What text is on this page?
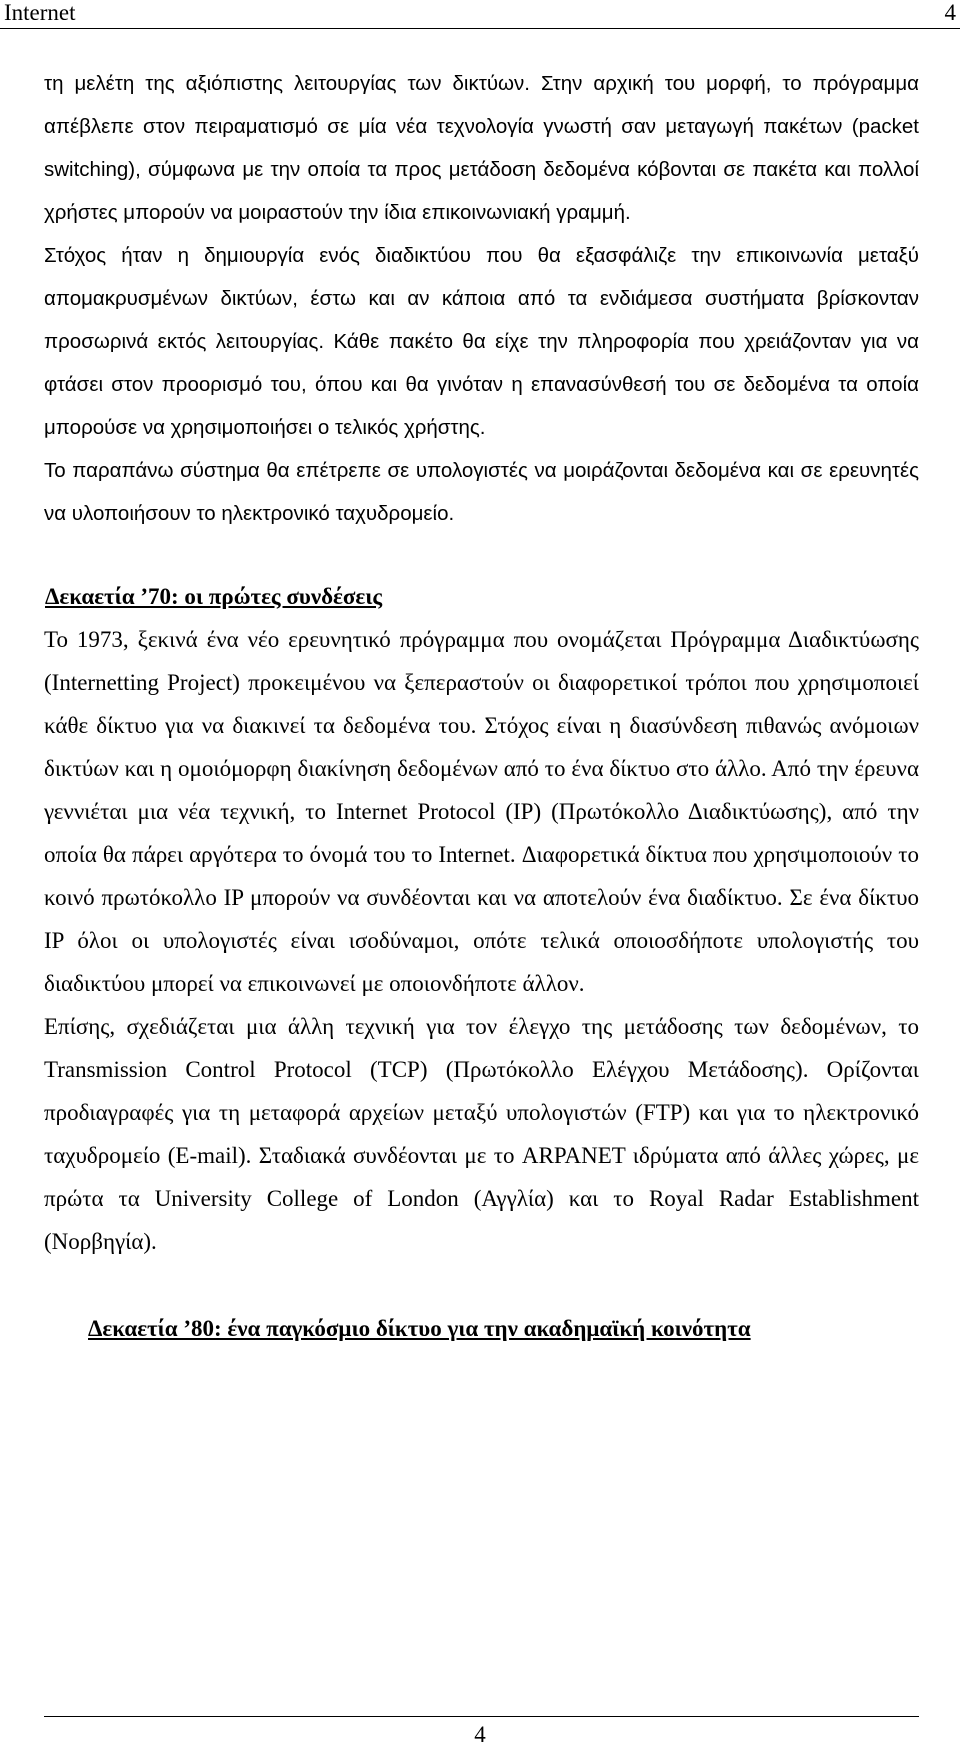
Internet	4

τη μελέτη της αξιόπιστης λειτουργίας των δικτύων. Στην αρχική του μορφή, το πρόγραμμα απέβλεπε στον πειραματισμό σε μία νέα τεχνολογία γνωστή σαν μεταγωγή πακέτων (packet switching), σύμφωνα με την οποία τα προς μετάδοση δεδομένα κόβονται σε πακέτα και πολλοί χρήστες μπορούν να μοιραστούν την ίδια επικοινωνιακή γραμμή.

Στόχος ήταν η δημιουργία ενός διαδικτύου που θα εξασφάλιζε την επικοινωνία μεταξύ απομακρυσμένων δικτύων, έστω και αν κάποια από τα ενδιάμεσα συστήματα βρίσκονταν προσωρινά εκτός λειτουργίας. Κάθε πακέτο θα είχε την πληροφορία που χρειάζονταν για να φτάσει στον προορισμό του, όπου και θα γινόταν η επανασύνθεσή του σε δεδομένα τα οποία μπορούσε να χρησιμοποιήσει ο τελικός χρήστης.

Το παραπάνω σύστημα θα επέτρεπε σε υπολογιστές να μοιράζονται δεδομένα και σε ερευνητές να υλοποιήσουν το ηλεκτρονικό ταχυδρομείο.

Δεκαετία ’70: οι πρώτες συνδέσεις

Το 1973, ξεκινά ένα νέο ερευνητικό πρόγραμμα που ονομάζεται Πρόγραμμα Διαδικτύωσης (Internetting Project) προκειμένου να ξεπεραστούν οι διαφορετικοί τρόποι που χρησιμοποιεί κάθε δίκτυο για να διακινεί τα δεδομένα του. Στόχος είναι η διασύνδεση πιθανώς ανόμοιων δικτύων και η ομοιόμορφη διακίνηση δεδομένων από το ένα δίκτυο στο άλλο. Από την έρευνα γεννιέται μια νέα τεχνική, το Internet Protocol (IP) (Πρωτόκολλο Διαδικτύωσης), από την οποία θα πάρει αργότερα το όνομά του το Internet. Διαφορετικά δίκτυα που χρησιμοποιούν το κοινό πρωτόκολλο IP μπορούν να συνδέονται και να αποτελούν ένα διαδίκτυο. Σε ένα δίκτυο IP όλοι οι υπολογιστές είναι ισοδύναμοι, οπότε τελικά οποιοσδήποτε υπολογιστής του διαδικτύου μπορεί να επικοινωνεί με οποιονδήποτε άλλον.

Επίσης, σχεδιάζεται μια άλλη τεχνική για τον έλεγχο της μετάδοσης των δεδομένων, το Transmission Control Protocol (TCP) (Πρωτόκολλο Ελέγχου Μετάδοσης). Ορίζονται προδιαγραφές για τη μεταφορά αρχείων μεταξύ υπολογιστών (FTP) και για το ηλεκτρονικό ταχυδρομείο (E-mail). Σταδιακά συνδέονται με το ARPANET ιδρύματα από άλλες χώρες, με πρώτα τα University College of London (Αγγλία) και το Royal Radar Establishment (Νορβηγία).

Δεκαετία ’80: ένα παγκόσμιο δίκτυο για την ακαδημαϊκή κοινότητα
4
